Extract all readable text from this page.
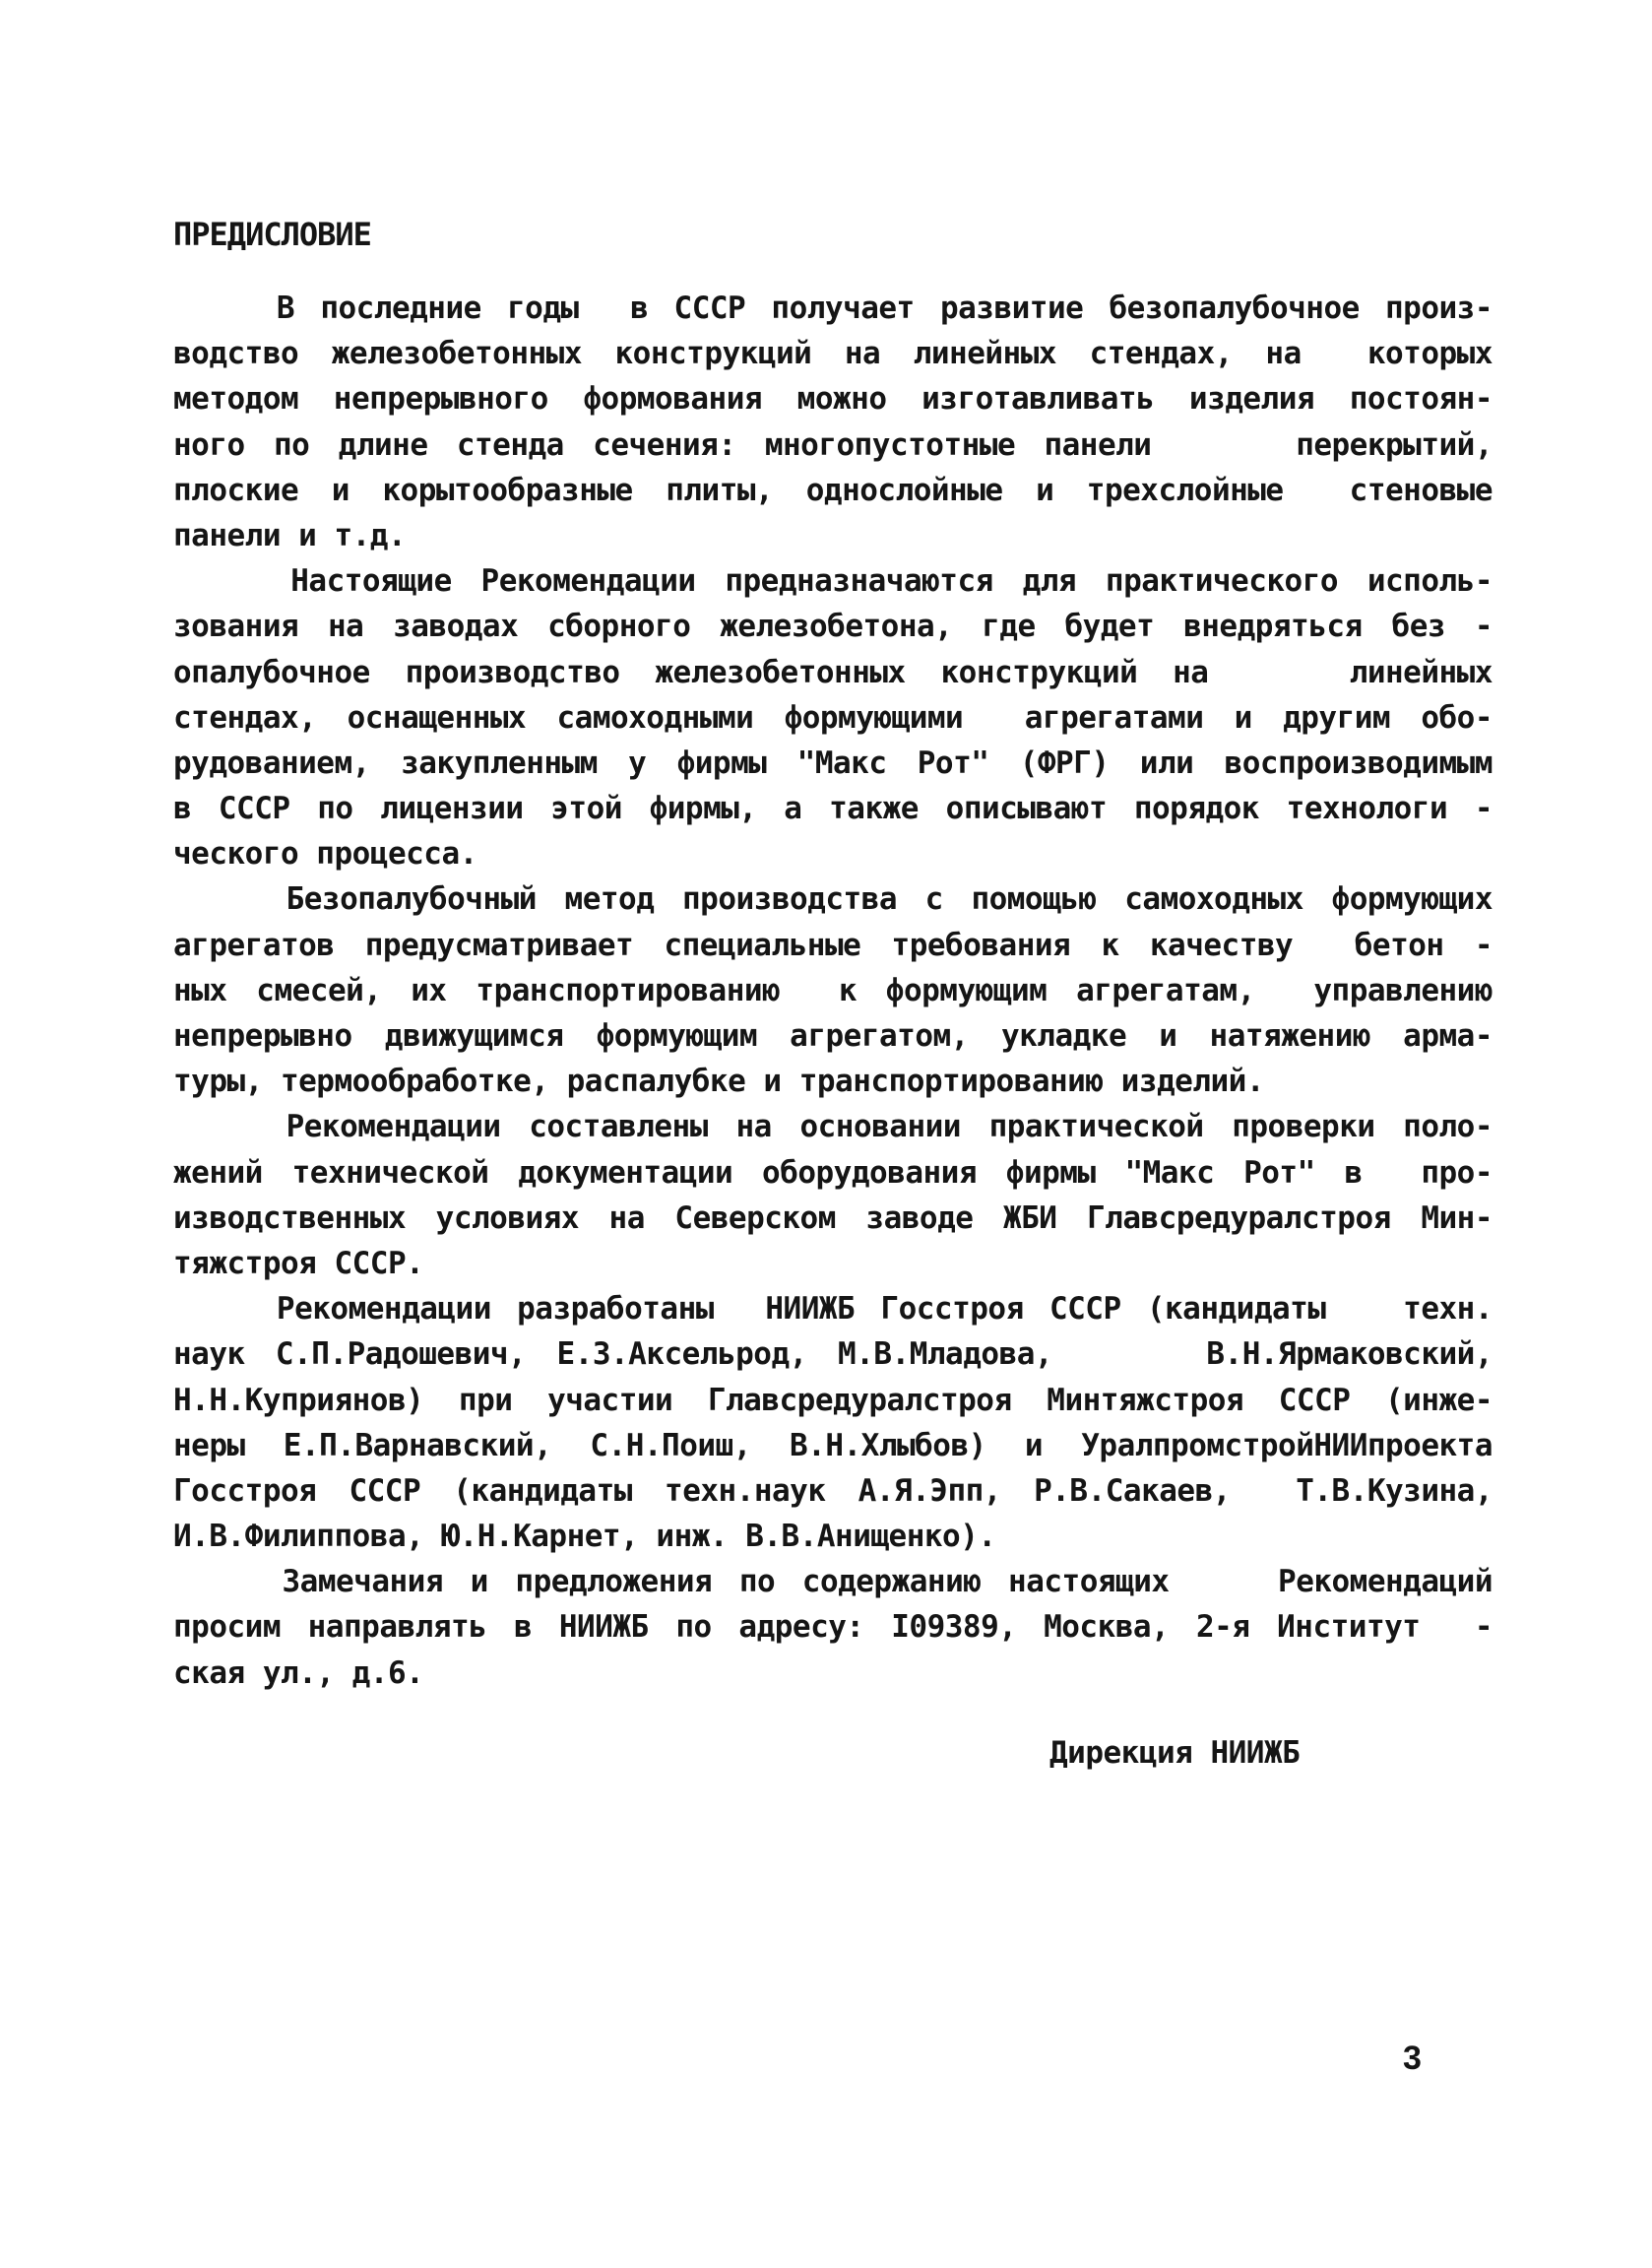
ПРЕДИСЛОВИЕ
В последние годы  в СССР получает развитие безопалубочное произ-
водство железобетонных конструкций на линейных стендах, на  которых
методом непрерывного формования можно изготавливать изделия постоян-
ного по длине стенда сечения: многопустотные панели     перекрытий,
плоские и корытообразные плиты, однослойные и трехслойные  стеновые
панели и т.д.
Настоящие Рекомендации предназначаются для практического исполь-
зования на заводах сборного железобетона, где будет внедряться без -
опалубочное производство железобетонных конструкций на    линейных
стендах, оснащенных самоходными формующими  агрегатами и другим обо-
рудованием, закупленным у фирмы "Макс Рот" (ФРГ) или воспроизводимым
в СССР по лицензии этой фирмы, а также описывают порядок технологи -
ческого процесса.
Безопалубочный метод производства с помощью самоходных формующих
агрегатов предусматривает специальные требования к качеству  бетон -
ных смесей, их транспортированию  к формующим агрегатам,  управлению
непрерывно движущимся формующим агрегатом, укладке и натяжению арма-
туры, термообработке, распалубке и транспортированию изделий.
Рекомендации составлены на основании практической проверки поло-
жений технической документации оборудования фирмы "Макс Рот" в  про-
изводственных условиях на Северском заводе ЖБИ Главсредуралстроя Мин-
тяжстроя СССР.
Рекомендации разработаны  НИИЖБ Госстроя СССР (кандидаты   техн.
наук С.П.Радошевич, Е.З.Аксельрод, М.В.Младова,     В.Н.Ярмаковский,
Н.Н.Куприянов) при участии Главсредуралстроя Минтяжстроя СССР (инже-
неры Е.П.Варнавский, С.Н.Поиш, В.Н.Хлыбов) и УралпромстройНИИпроекта
Госстроя СССР (кандидаты техн.наук А.Я.Эпп, Р.В.Сакаев,  Т.В.Кузина,
И.В.Филиппова, Ю.Н.Карнет, инж. В.В.Анищенко).
Замечания и предложения по содержанию настоящих    Рекомендаций
просим направлять в НИИЖБ по адресу: I09389, Москва, 2-я Институт  -
ская ул., д.6.
Дирекция НИИЖБ
3
